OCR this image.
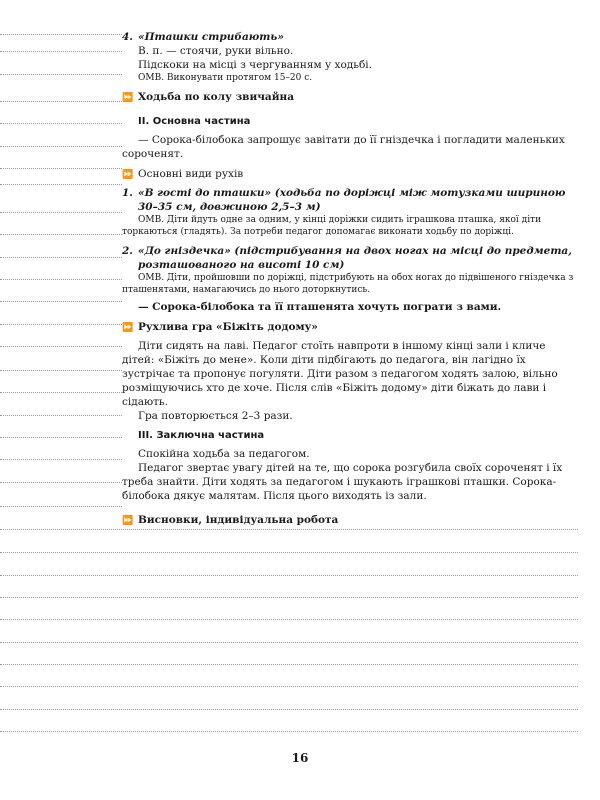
4. «Пташки стрибають»

В. п. — стоячи, руки вільно.

Підскоки на місці з чергуванням у ходьбі.

ОМВ. Виконувати протягом 15–20 с.

⏩ Ходьба по колу звичайна

ІІ. Основна частина

— Сорока-білобока запрошує завітати до її гніздечка і погладити маленьких сороченят.

⏩ Основні види рухів
1. «В гості до пташки» (ходьба по доріжці між мотузками шириною 30–35 см, довжиною 2,5–3 м)

ОМВ. Діти йдуть одне за одним, у кінці доріжки сидить іграшкова пташка, якої діти торкаються (гладять). За потреби педагог допомагає виконати ходьбу по доріжці.

2. «До гніздечка» (підстрибування на двох ногах на місці до предмета, розташованого на висоті 10 см)

ОМВ. Діти, пройшовши по доріжці, підстрибують на обох ногах до підвішеного гніздечка з пташенятами, намагаючись до нього доторкнутись.

— Сорока-білобока та її пташенята хочуть пограти з вами.

⏩ Рухлива гра «Біжіть додому»

Діти сидять на лаві. Педагог стоїть навпроти в іншому кінці зали і кличе дітей: «Біжіть до мене». Коли діти підбігають до педагога, він лагідно їх зустрічає та пропонує погуляти. Діти разом з педагогом ходять залою, вільно розміщуючись хто де хоче. Після слів «Біжіть додому» діти біжать до лави і сідають.

Гра повторюється 2–3 рази.

ІІІ. Заключна частина

Спокійна ходьба за педагогом.

Педагог звертає увагу дітей на те, що сорока розгубила своїх сороченят і їх треба знайти. Діти ходять за педагогом і шукають іграшкові пташки. Сорока-білобока дякує малятам. Після цього виходять із зали.

⏩ Висновки, індивідуальна робота
16
